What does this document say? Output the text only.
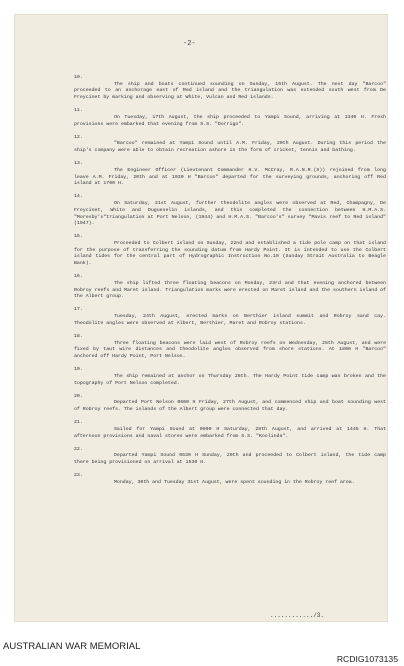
-2-
10.
The ship and boats continued sounding on Sunday, 15th August. The next day "Barcoo" proceeded to an anchorage east of Red island and the triangulation was extended south west from De Freycinet by marking and observing at White, Vulcan and Red islands.
11.
On Tuesday, 17th August, the ship proceeded to Yampi Sound, arriving at 1340 H. Fresh provisions were embarked that evening from S.S. "Dorrigo".
12.
"Barcoo" remained at Yampi Sound until A.M. Friday, 20th August. During this period the ship's company were able to obtain recreation ashore in the form of cricket, tennis and bathing.
13.
The Engineer Officer (Lieutenant Commander H.V. McCray, R.A.N.R.(S)) rejoined from long leave A.M. Friday, 20th and at 1030 H "Barcoo" departed for the surveying grounds, anchoring off Red island at 1700 H.
14.
On Saturday, 21st August, further theodolite angles were observed at Red, Champagny, De Freycinet, White and Dugueselin islands, and this completed the connection between H.M.A.S. "Moresby's"triangulation at Port Nelson, (1944) and H.M.A.S. "Barcoo's" survey "Mavis reef to Red island" (1947).
15.
Proceeded to Colbert island on Sunday, 22nd and established a tide pole camp on that island for the purpose of transferring the sounding datum from Hardy Point. It is intended to use the Colbert island tides for the central part of Hydrographic Instruction No.10 (Sunday Strait Australia to Beagle Bank).
16.
The ship lifted three floating beacons on Monday, 23rd and that evening anchored between Robroy reefs and Maret island. Triangulation marks were erected on Maret island and the southern island of the Albert group.
17.
Tuesday, 24th August, erected marks on Berthier island summit and Robroy sand cay. Theodolite angles were observed at Albert, Berthier, Maret and Robroy stations.
18.
Three floating beacons were laid west of Robroy reefs on Wednesday, 25th August, and were fixed by taut wire distances and theodolite angles observed from shore stations. At 1800 H "Barcoo" anchored off Hardy Point, Port Nelson.
19.
The ship remained at anchor on Thursday 26th. The Hardy Point tide camp was broken and the topography of Port Nelson completed.
20.
Departed Port Nelson 0600 H Friday, 27th August, and commenced ship and boat sounding west of Robroy reefs. The islands of the Albert group were connected that day.
21.
Sailed for Yampi Sound at 0600 H Saturday, 28th August, and arrived at 1445 H. That afternoon provisions and naval stores were embarked from S.S. "Koolinda".
22.
Departed Yampi Sound 0630 H Sunday, 29th and proceeded to Colbert island, the tide camp there being provisioned on arrival at 1530 H.
23.
Monday, 30th and Tuesday 31st August, were spent sounding in the Robroy reef area.
............/3.
AUSTRALIAN WAR MEMORIAL
RCDIG1073135
